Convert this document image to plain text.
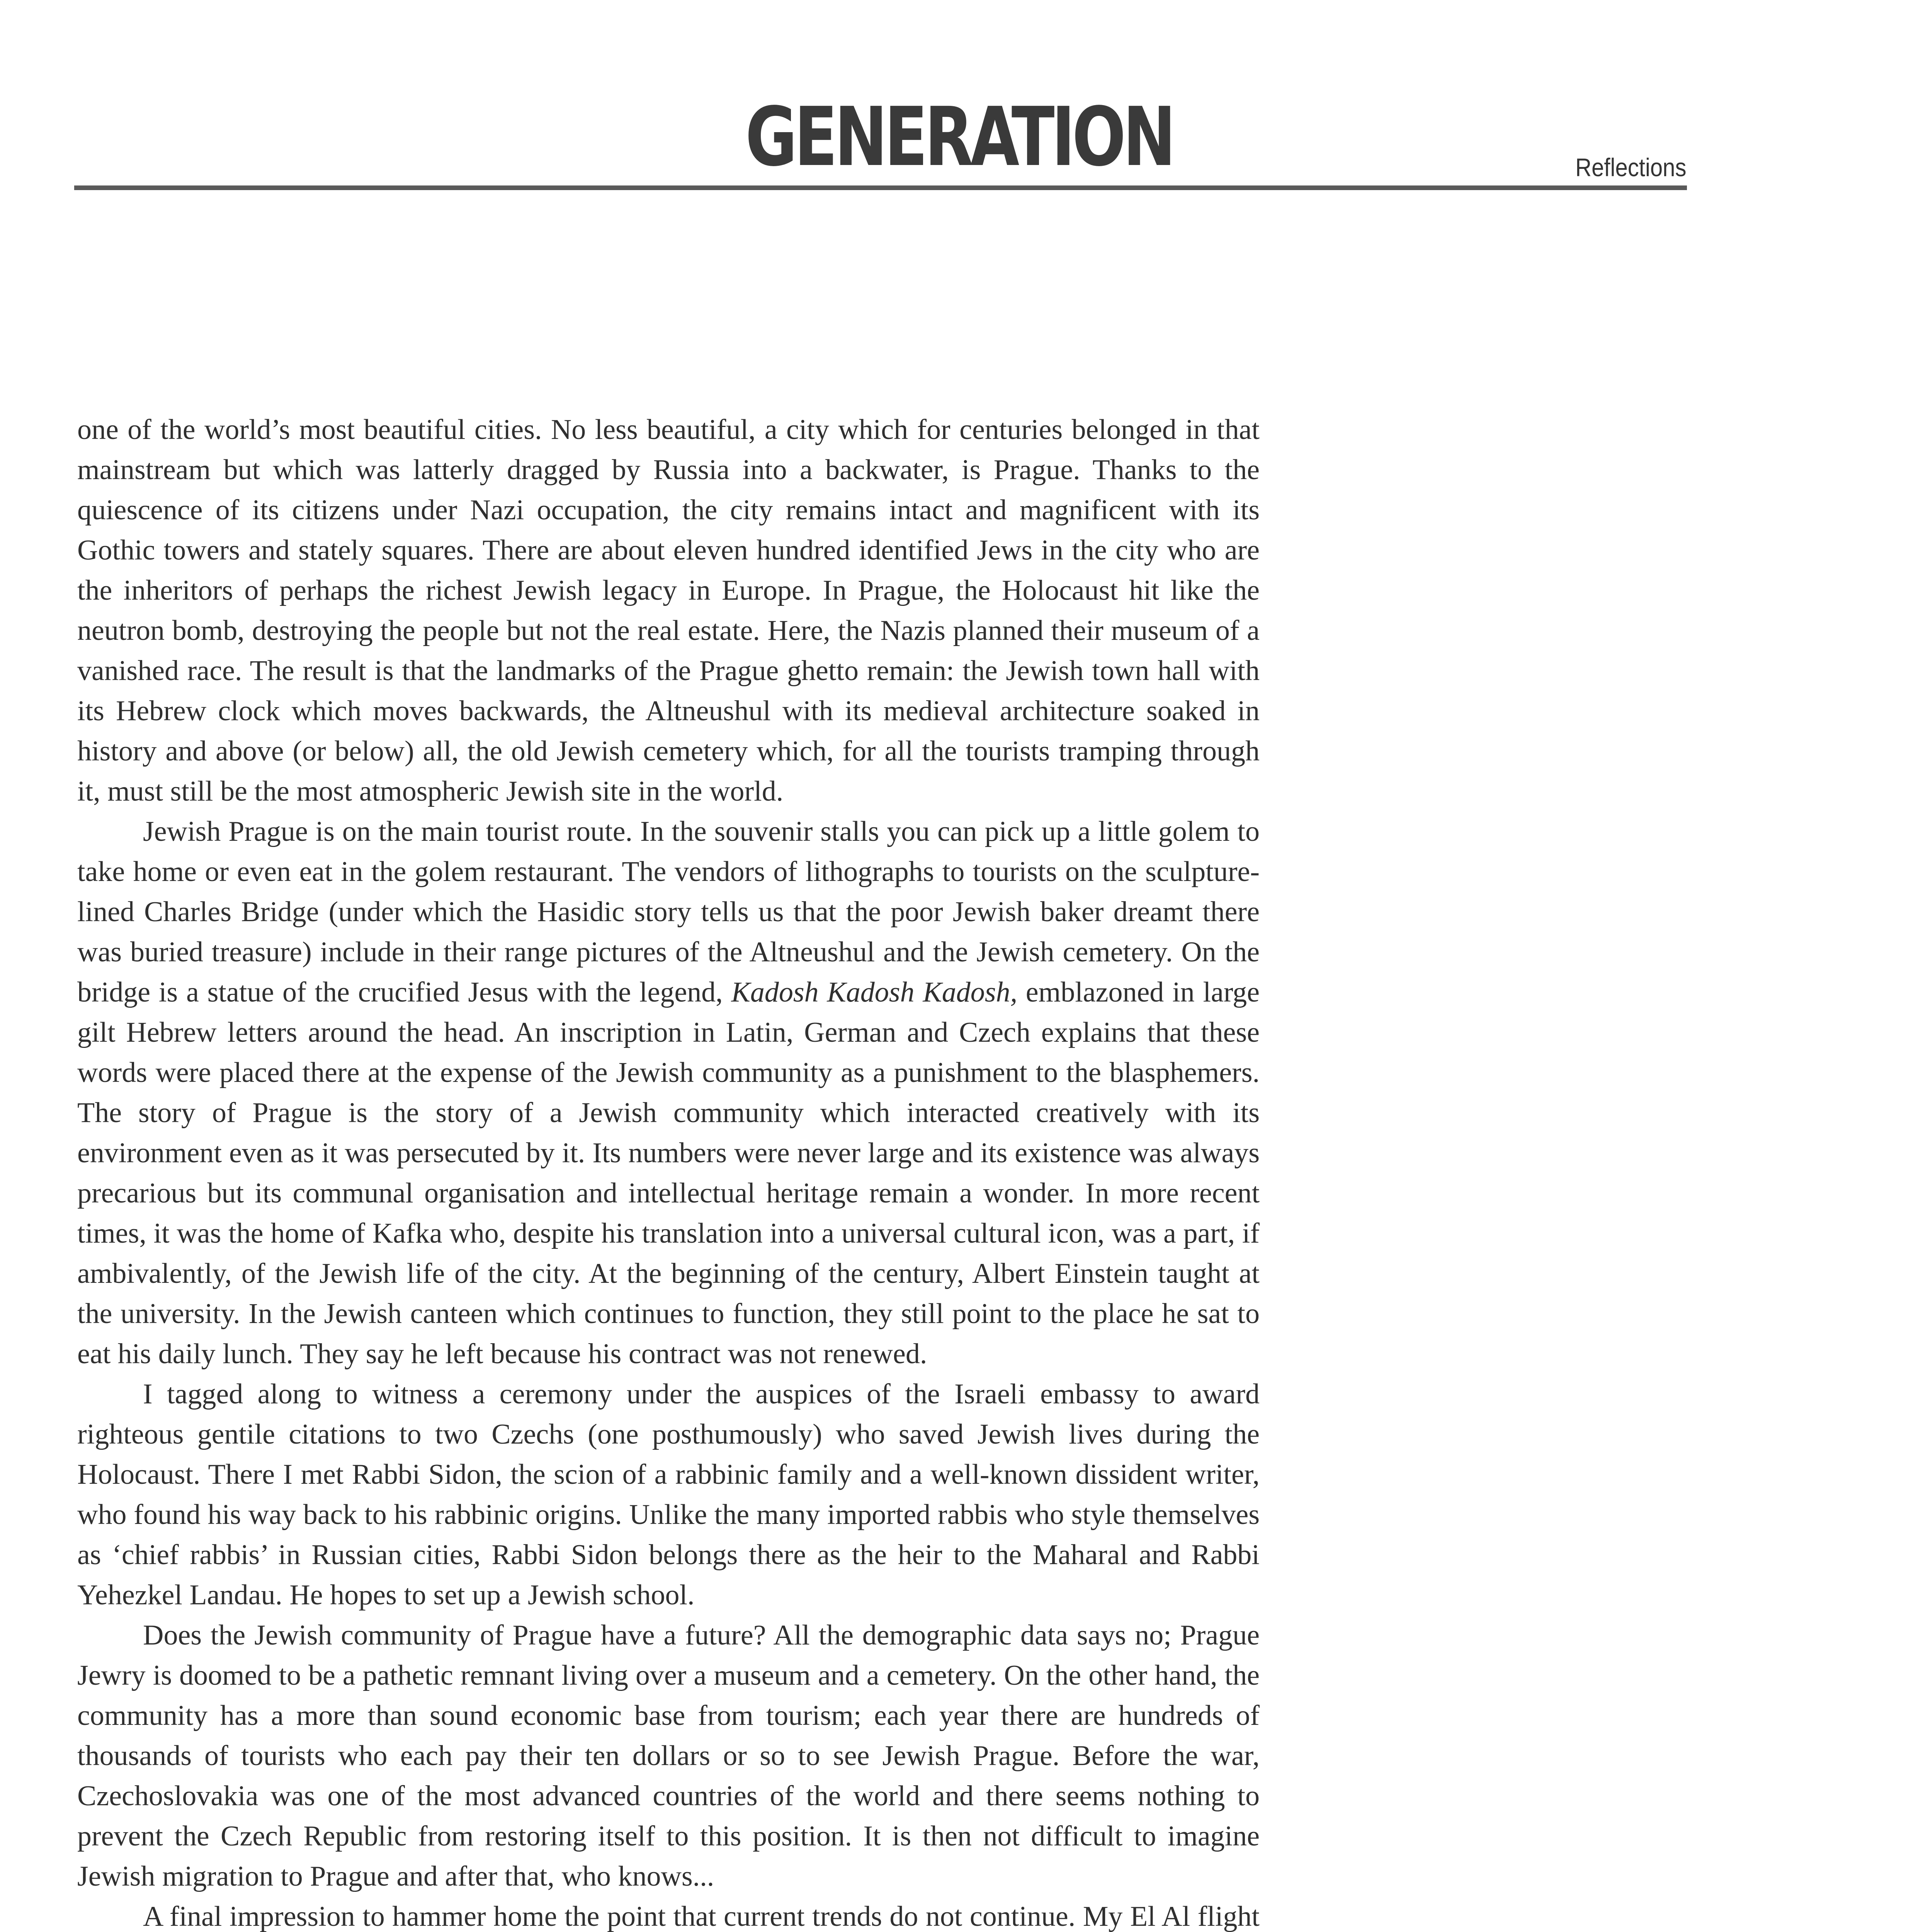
GENERATION	Reflections

one of the world’s most beautiful cities. No less beautiful, a city which for centuries belonged in that mainstream but which was latterly dragged by Russia into a backwater, is Prague. Thanks to the quiescence of its citizens under Nazi occupation, the city remains intact and magnificent with its Gothic towers and stately squares. There are about eleven hundred identified Jews in the city who are the inheritors of perhaps the richest Jewish legacy in Europe. In Prague, the Holocaust hit like the neutron bomb, destroying the people but not the real estate. Here, the Nazis planned their museum of a vanished race. The result is that the landmarks of the Prague ghetto remain: the Jewish town hall with its Hebrew clock which moves backwards, the Altneushul with its medieval architecture soaked in history and above (or below) all, the old Jewish cemetery which, for all the tourists tramping through it, must still be the most atmospheric Jewish site in the world.

Jewish Prague is on the main tourist route. In the souvenir stalls you can pick up a little golem to take home or even eat in the golem restaurant. The vendors of lithographs to tourists on the sculpture-lined Charles Bridge (under which the Hasidic story tells us that the poor Jewish baker dreamt there was buried treasure) include in their range pictures of the Altneushul and the Jewish cemetery. On the bridge is a statue of the crucified Jesus with the legend, Kadosh Kadosh Kadosh, emblazoned in large gilt Hebrew letters around the head. An inscription in Latin, German and Czech explains that these words were placed there at the expense of the Jewish community as a punishment to the blasphemers. The story of Prague is the story of a Jewish community which interacted creatively with its environment even as it was persecuted by it. Its numbers were never large and its existence was always precarious but its communal organisation and intellectual heritage remain a wonder. In more recent times, it was the home of Kafka who, despite his translation into a universal cultural icon, was a part, if ambivalently, of the Jewish life of the city. At the beginning of the century, Albert Einstein taught at the university. In the Jewish canteen which continues to function, they still point to the place he sat to eat his daily lunch. They say he left because his contract was not renewed.

I tagged along to witness a ceremony under the auspices of the Israeli embassy to award righteous gentile citations to two Czechs (one posthumously) who saved Jewish lives during the Holocaust. There I met Rabbi Sidon, the scion of a rabbinic family and a well-known dissident writer, who found his way back to his rabbinic origins. Unlike the many imported rabbis who style themselves as ‘chief rabbis’ in Russian cities, Rabbi Sidon belongs there as the heir to the Maharal and Rabbi Yehezkel Landau. He hopes to set up a Jewish school.

Does the Jewish community of Prague have a future? All the demographic data says no; Prague Jewry is doomed to be a pathetic remnant living over a museum and a cemetery. On the other hand, the community has a more than sound economic base from tourism; each year there are hundreds of thousands of tourists who each pay their ten dollars or so to see Jewish Prague. Before the war, Czechoslovakia was one of the most advanced countries of the world and there seems nothing to prevent the Czech Republic from restoring itself to this position. It is then not difficult to imagine Jewish migration to Prague and after that, who knows...

A final impression to hammer home the point that current trends do not continue. My El Al flight
